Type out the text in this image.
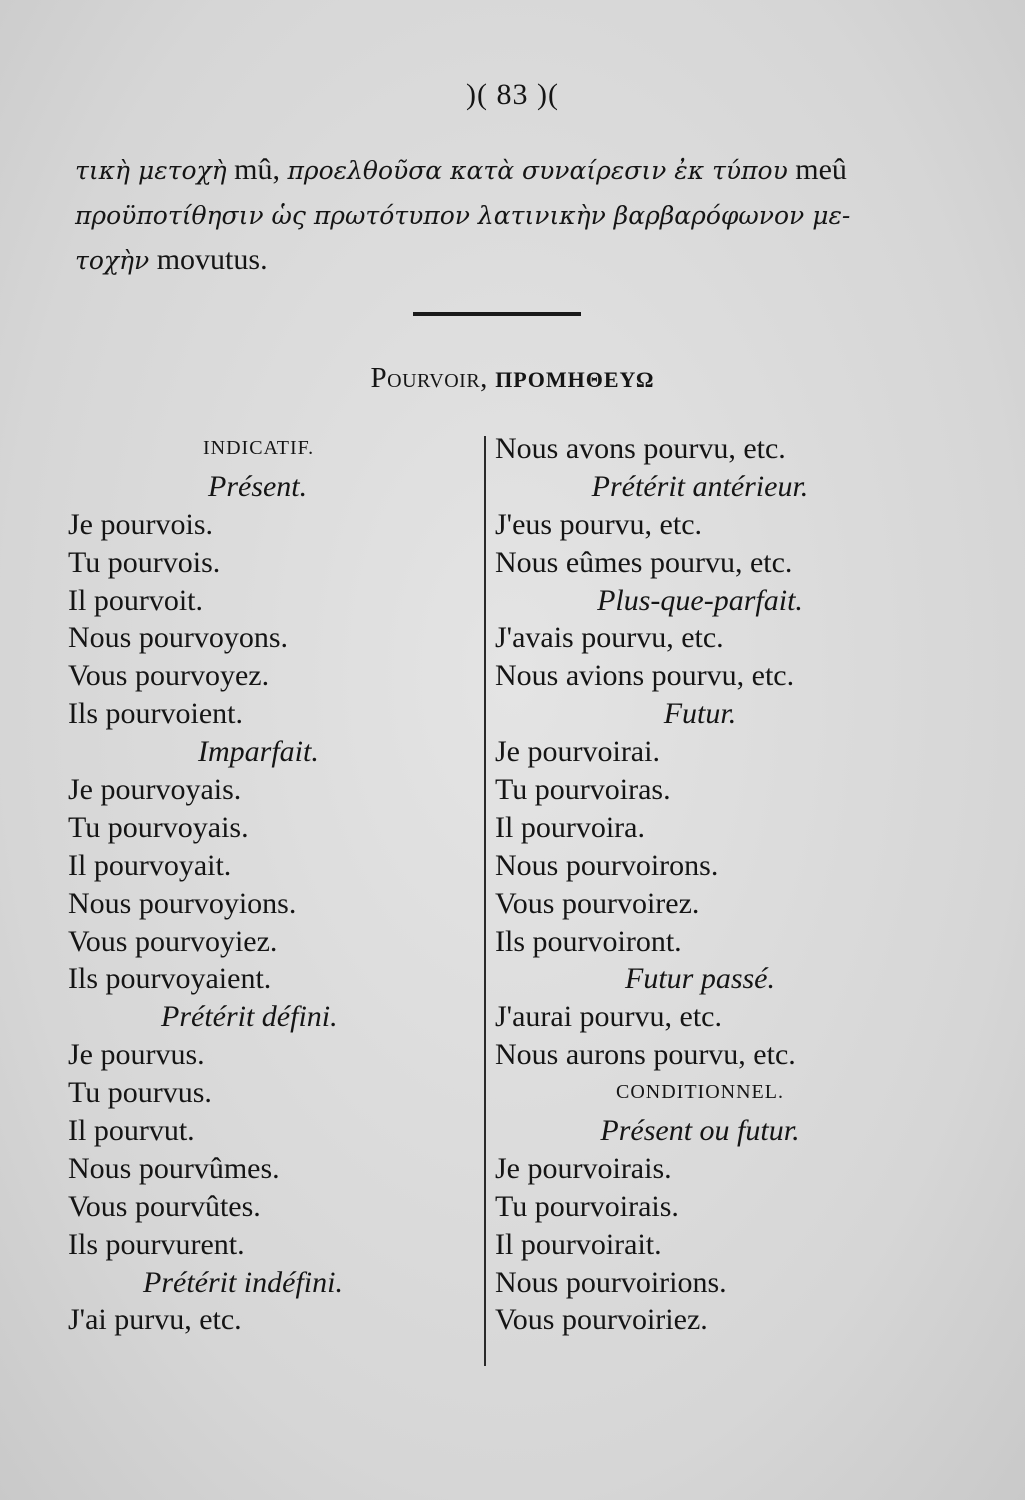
)( 83 )(
τικὴ μετοχὴ mû, προελθοῦσα κατὰ συναίρεσιν ἐκ τύπου meû
προϋποτίθησιν ὡς πρωτότυπον λατινικὴν βαρβαρόφωνον με-
τοχὴν movutus.
Pourvoir, ΠΡΟΜΗΘΕΥΩ
INDICATIF.
Présent.
Je pourvois.
Tu pourvois.
Il pourvoit.
Nous pourvoyons.
Vous pourvoyez.
Ils pourvoient.
Imparfait.
Je pourvoyais.
Tu pourvoyais.
Il pourvoyait.
Nous pourvoyions.
Vous pourvoyiez.
Ils pourvoyaient.
Prétérit défini.
Je pourvus.
Tu pourvus.
Il pourvut.
Nous pourvûmes.
Vous pourvûtes.
Ils pourvurent.
Prétérit indéfini.
J'ai purvu, etc.
Nous avons pourvu, etc.
Prétérit antérieur.
J'eus pourvu, etc.
Nous eûmes pourvu, etc.
Plus-que-parfait.
J'avais pourvu, etc.
Nous avions pourvu, etc.
Futur.
Je pourvoirai.
Tu pourvoiras.
Il pourvoira.
Nous pourvoirons.
Vous pourvoirez.
Ils pourvoiront.
Futur passé.
J'aurai pourvu, etc.
Nous aurons pourvu, etc.
CONDITIONNEL.
Présent ou futur.
Je pourvoirais.
Tu pourvoirais.
Il pourvoirait.
Nous pourvoirions.
Vous pourvoiriez.
